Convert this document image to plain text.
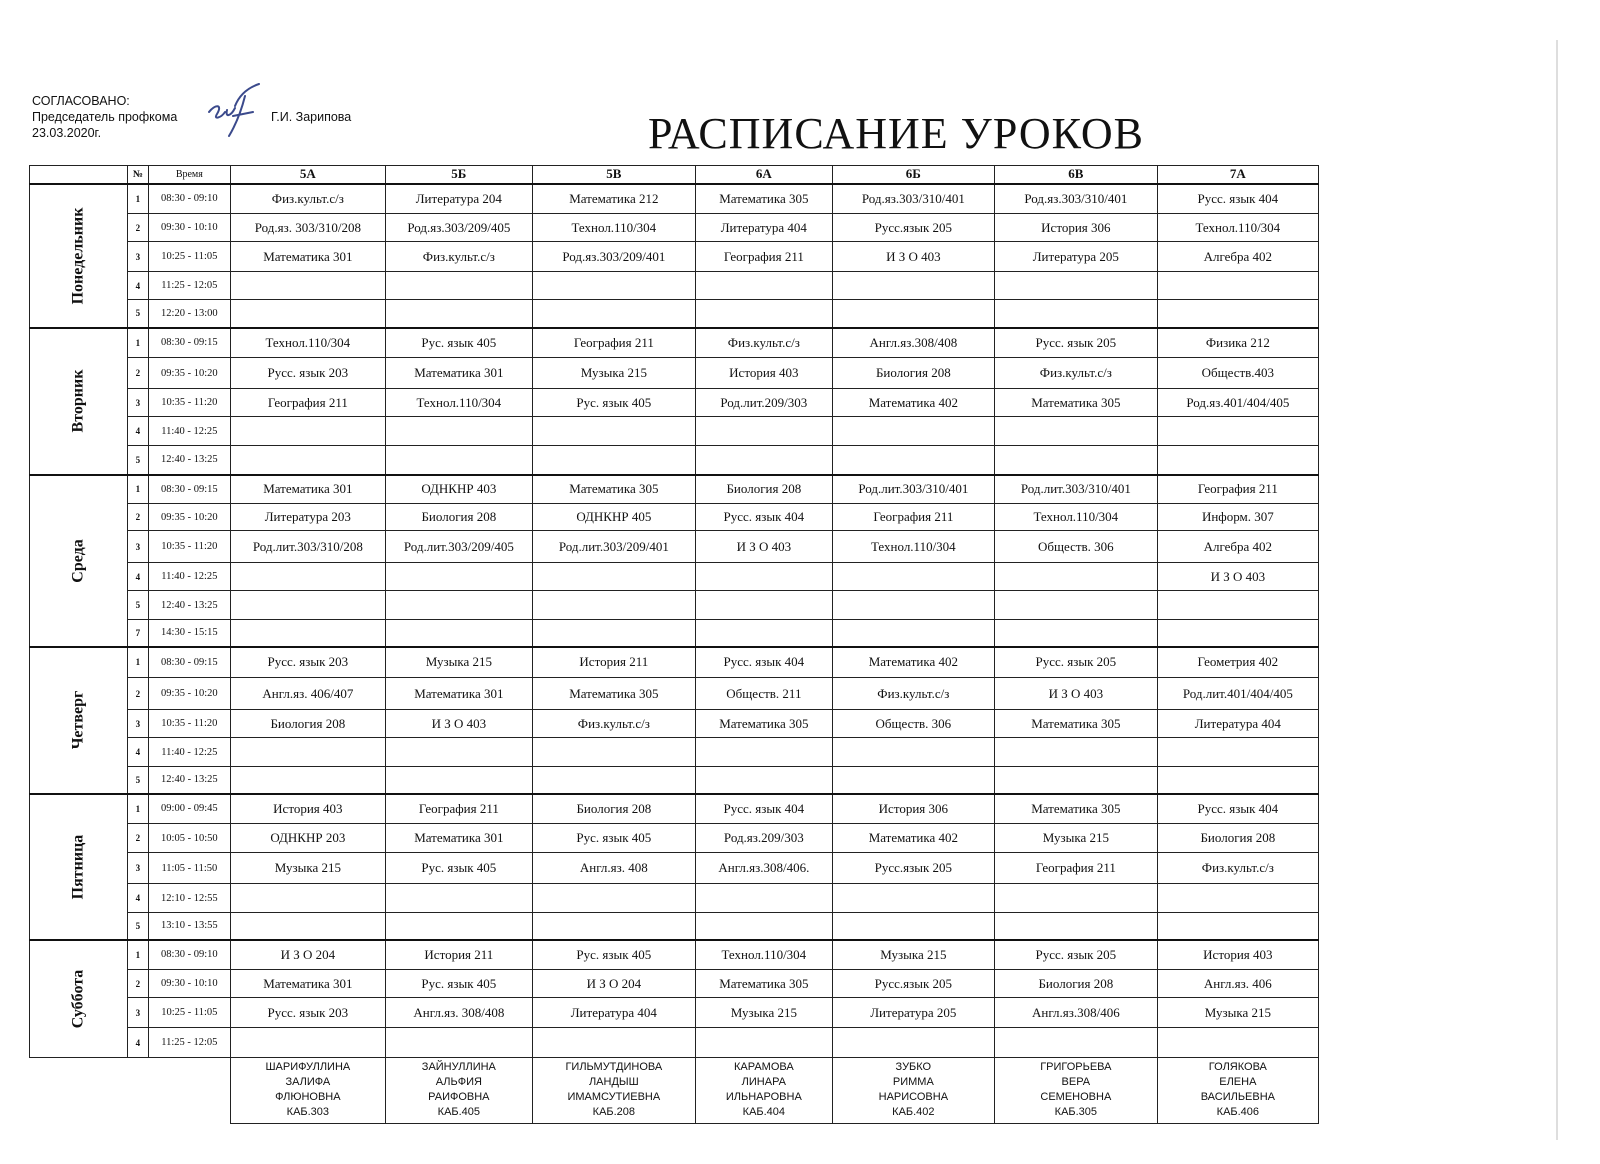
СОГЛАСОВАНО:
Председатель профкома
23.03.2020г.
Г.И. Зарипова	РАСПИСАНИЕ УРОКОВ
	№	Время	5А	5Б	5В	6А	6Б	6В	7А
Понедельник	1	08:30 - 09:10	Физ.культ.с/з	Литература 204	Математика 212	Математика 305	Род.яз.303/310/401	Род.яз.303/310/401	Русс. язык 404
	2	09:30 - 10:10	Род.яз. 303/310/208	Род.яз.303/209/405	Технол.110/304	Литература 404	Русс.язык 205	История 306	Технол.110/304
	3	10:25 - 11:05	Математика 301	Физ.культ.с/з	Род.яз.303/209/401	География 211	И З О 403	Литература 205	Алгебра 402
	4	11:25 - 12:05							
	5	12:20 - 13:00							
Вторник	1	08:30 - 09:15	Технол.110/304	Рус. язык 405	География 211	Физ.культ.с/з	Англ.яз.308/408	Русс. язык 205	Физика 212
	2	09:35 - 10:20	Русс. язык 203	Математика 301	Музыка 215	История 403	Биология 208	Физ.культ.с/з	Обществ.403
	3	10:35 - 11:20	География 211	Технол.110/304	Рус. язык 405	Род.лит.209/303	Математика 402	Математика 305	Род.яз.401/404/405
	4	11:40 - 12:25							
	5	12:40 - 13:25							
Среда	1	08:30 - 09:15	Математика 301	ОДНКНР 403	Математика 305	Биология 208	Род.лит.303/310/401	Род.лит.303/310/401	География 211
	2	09:35 - 10:20	Литература 203	Биология 208	ОДНКНР 405	Русс. язык 404	География 211	Технол.110/304	Информ. 307
	3	10:35 - 11:20	Род.лит.303/310/208	Род.лит.303/209/405	Род.лит.303/209/401	И З О 403	Технол.110/304	Обществ. 306	Алгебра 402
	4	11:40 - 12:25							И З О 403
	5	12:40 - 13:25							
	7	14:30 - 15:15							
Четверг	1	08:30 - 09:15	Русс. язык 203	Музыка 215	История 211	Русс. язык 404	Математика 402	Русс. язык 205	Геометрия 402
	2	09:35 - 10:20	Англ.яз. 406/407	Математика 301	Математика 305	Обществ. 211	Физ.культ.с/з	И З О 403	Род.лит.401/404/405
	3	10:35 - 11:20	Биология 208	И З О 403	Физ.культ.с/з	Математика 305	Обществ. 306	Математика 305	Литература 404
	4	11:40 - 12:25							
	5	12:40 - 13:25							
Пятница	1	09:00 - 09:45	История 403	География 211	Биология 208	Русс. язык 404	История 306	Математика 305	Русс. язык 404
	2	10:05 - 10:50	ОДНКНР 203	Математика 301	Рус. язык 405	Род.яз.209/303	Математика 402	Музыка 215	Биология 208
	3	11:05 - 11:50	Музыка 215	Рус. язык 405	Англ.яз. 408	Англ.яз.308/406.	Русс.язык 205	География 211	Физ.культ.с/з
	4	12:10 - 12:55							
	5	13:10 - 13:55							
Суббота	1	08:30 - 09:10	И З О 204	История 211	Рус. язык 405	Технол.110/304	Музыка 215	Русс. язык 205	История 403
	2	09:30 - 10:10	Математика 301	Рус. язык 405	И З О 204	Математика 305	Русс.язык 205	Биология 208	Англ.яз. 406
	3	10:25 - 11:05	Русс. язык 203	Англ.яз. 308/408	Литература 404	Музыка 215	Литература 205	Англ.яз.308/406	Музыка 215
	4	11:25 - 12:05							

			ШАРИФУЛЛИНА
ЗАЛИФА
ФЛЮНОВНА
КАБ.303	ЗАЙНУЛЛИНА
АЛЬФИЯ
РАИФОВНА
КАБ.405	ГИЛЬМУТДИНОВА
ЛАНДЫШ
ИМАМСУТИЕВНА
КАБ.208	КАРАМОВА
ЛИНАРА
ИЛЬНАРОВНА
КАБ.404	ЗУБКО
РИММА
НАРИСОВНА
КАБ.402	ГРИГОРЬЕВА
ВЕРА
СЕМЕНОВНА
КАБ.305	ГОЛЯКОВА
ЕЛЕНА
ВАСИЛЬЕВНА
КАБ.406
